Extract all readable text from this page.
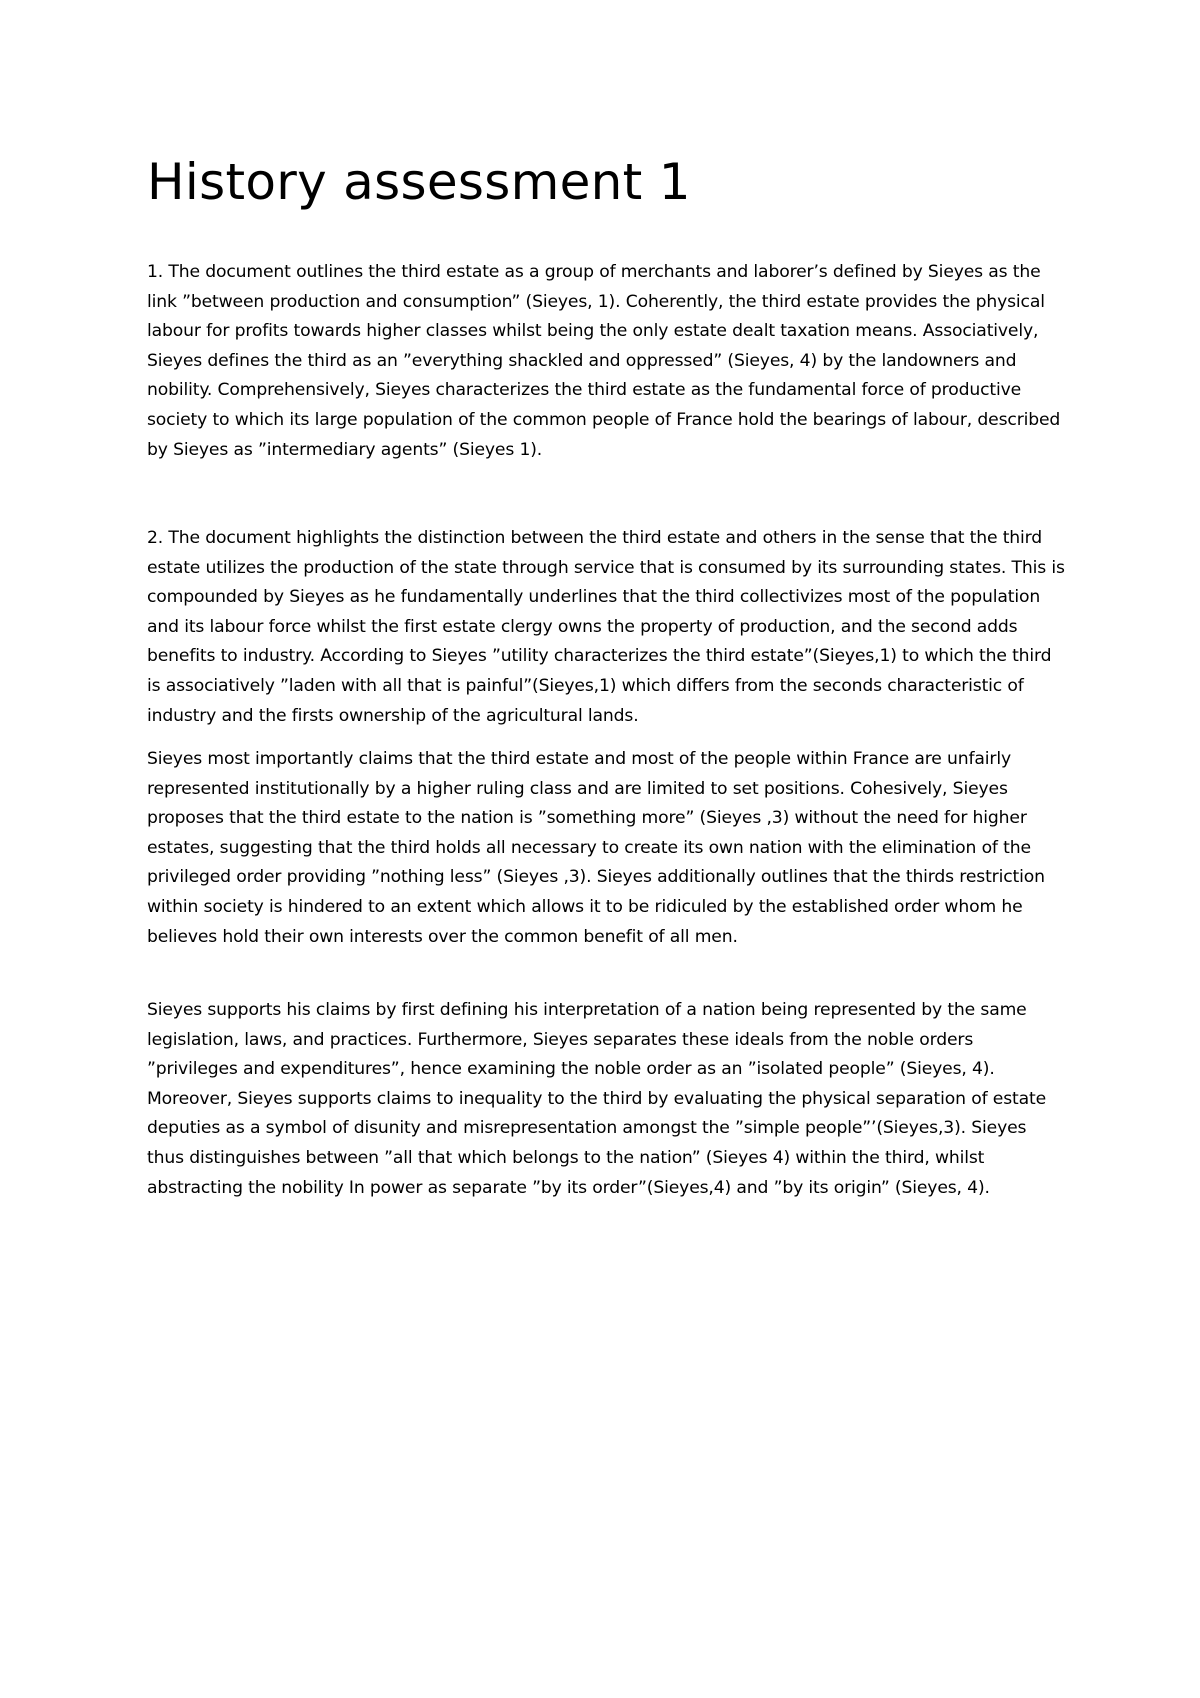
History assessment 1

1. The document outlines the third estate as a group of merchants and laborer’s defined by Sieyes as the link ”between production and consumption” (Sieyes, 1). Coherently, the third estate provides the physical labour for profits towards higher classes whilst being the only estate dealt taxation means. Associatively, Sieyes defines the third as an ”everything shackled and oppressed” (Sieyes, 4) by the landowners and nobility. Comprehensively, Sieyes characterizes the third estate as the fundamental force of productive society to which its large population of the common people of France hold the bearings of labour, described by Sieyes as ”intermediary agents” (Sieyes 1).

2. The document highlights the distinction between the third estate and others in the sense that the third estate utilizes the production of the state through service that is consumed by its surrounding states. This is compounded by Sieyes as he fundamentally underlines that the third collectivizes most of the population and its labour force whilst the first estate clergy owns the property of production, and the second adds benefits to industry. According to Sieyes ”utility characterizes the third estate”(Sieyes,1) to which the third is associatively ”laden with all that is painful”(Sieyes,1) which differs from the seconds characteristic of industry and the firsts ownership of the agricultural lands.

Sieyes most importantly claims that the third estate and most of the people within France are unfairly represented institutionally by a higher ruling class and are limited to set positions. Cohesively, Sieyes proposes that the third estate to the nation is ”something more” (Sieyes ,3) without the need for higher estates, suggesting that the third holds all necessary to create its own nation with the elimination of the privileged order providing ”nothing less” (Sieyes ,3). Sieyes additionally outlines that the thirds restriction within society is hindered to an extent which allows it to be ridiculed by the established order whom he believes hold their own interests over the common benefit of all men.

Sieyes supports his claims by first defining his interpretation of a nation being represented by the same legislation, laws, and practices. Furthermore, Sieyes separates these ideals from the noble orders ”privileges and expenditures”, hence examining the noble order as an ”isolated people” (Sieyes, 4). Moreover, Sieyes supports claims to inequality to the third by evaluating the physical separation of estate deputies as a symbol of disunity and misrepresentation amongst the ”simple people”’(Sieyes,3). Sieyes thus distinguishes between ”all that which belongs to the nation” (Sieyes 4) within the third, whilst abstracting the nobility In power as separate ”by its order”(Sieyes,4) and ”by its origin” (Sieyes, 4).
